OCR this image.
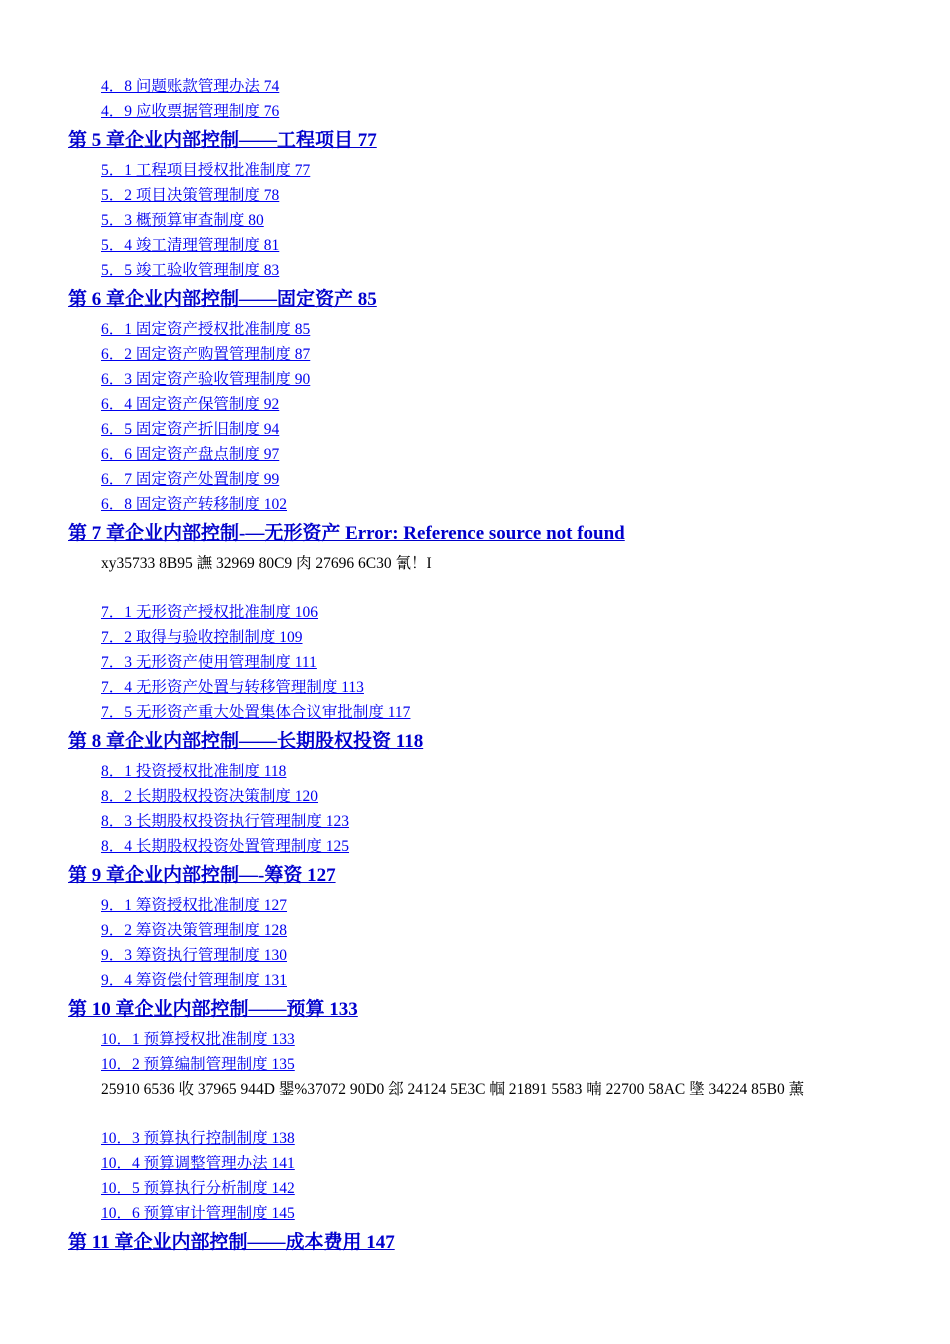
4．8 问题账款管理办法 74
4．9 应收票据管理制度 76
第 5 章企业内部控制——工程项目 77
5．1 工程项目授权批准制度 77
5．2 项目决策管理制度 78
5．3 概预算审查制度 80
5．4 竣工清理管理制度 81
5．5 竣工验收管理制度 83
第 6 章企业内部控制——固定资产 85
6．1 固定资产授权批准制度 85
6．2 固定资产购置管理制度 87
6．3 固定资产验收管理制度 90
6．4 固定资产保管制度 92
6．5 固定资产折旧制度 94
6．6 固定资产盘点制度 97
6．7 固定资产处置制度 99
6．8 固定资产转移制度 102
第 7 章企业内部控制-—无形资产 Error: Reference source not found
xy35733 8B95 譕 32969 80C9 肉 27696 6C30 氰！I
7．1 无形资产授权批准制度 106
7．2 取得与验收控制制度 109
7．3 无形资产使用管理制度 111
7．4 无形资产处置与转移管理制度 113
7．5 无形资产重大处置集体合议审批制度 117
第 8 章企业内部控制——长期股权投资 118
8．1 投资授权批准制度 118
8．2 长期股权投资决策制度 120
8．3 长期股权投资执行管理制度 123
8．4 长期股权投资处置管理制度 125
第 9 章企业内部控制—-筹资 127
9．1 筹资授权批准制度 127
9．2 筹资决策管理制度 128
9．3 筹资执行管理制度 130
9．4 筹资偿付管理制度 131
第 10 章企业内部控制——预算 133
10．1 预算授权批准制度 133
10．2 预算编制管理制度 135
25910 6536 收 37965 944D 鑍%37072 90D0 郐 24124 5E3C 帼 21891 5583 喃 22700 58AC 墬 34224 85B0 薰
10．3 预算执行控制制度 138
10．4 预算调整管理办法 141
10．5 预算执行分析制度 142
10．6 预算审计管理制度 145
第 11 章企业内部控制——成本费用 147
